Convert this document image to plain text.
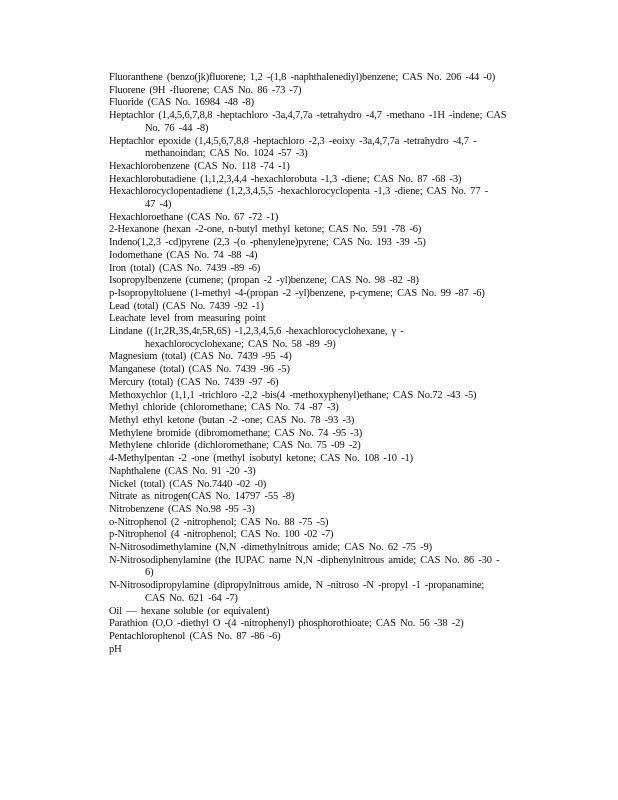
Fluoranthene (benzo(jk)fluorene; 1,2 -(1,8 -naphthalenediyl)benzene; CAS No. 206 -44 -0)

Fluorene (9H -fluorene; CAS No. 86 -73 -7)

Fluoride (CAS No. 16984 -48 -8)

Heptachlor (1,4,5,6,7,8,8 -heptachloro -3a,4,7,7a -tetrahydro -4,7 -methano -1H -indene; CAS
No. 76 -44 -8)

Heptachlor epoxide (1,4,5,6,7,8,8 -heptachloro -2,3 -eoixy -3a,4,7,7a -tetrahydro -4,7 -
methanoindan; CAS No. 1024 -57 -3)

Hexachlorobenzene (CAS No. 118 -74 -1)

Hexachlorobutadiene (1,1,2,3,4,4 -hexachlorobuta -1,3 -diene; CAS No. 87 -68 -3)

Hexachlorocyclopentadiene (1,2,3,4,5,5 -hexachlorocyclopenta -1,3 -diene; CAS No. 77 -
47 -4)

Hexachloroethane (CAS No. 67 -72 -1)

2-Hexanone (hexan -2-one, n-butyl methyl ketone; CAS No. 591 -78 -6)

Indeno(1,2,3 -cd)pyrene (2,3 -(o -phenylene)pyrene; CAS No. 193 -39 -5)

Iodomethane (CAS No. 74 -88 -4)

Iron (total) (CAS No. 7439 -89 -6)

Isopropylbenzene (cumene; (propan -2 -yl)benzene; CAS No. 98 -82 -8)

p-Isopropyltoluene (1-methyl -4-(propan -2 -yl)benzene, p-cymene; CAS No. 99 -87 -6)

Lead (total) (CAS No. 7439 -92 -1)

Leachate level from measuring point

Lindane ((1r,2R,3S,4r,5R,6S) -1,2,3,4,5,6 -hexachlorocyclohexane, γ -
hexachlorocyclohexane; CAS No. 58 -89 -9)

Magnesium (total) (CAS No. 7439 -95 -4)

Manganese (total) (CAS No. 7439 -96 -5)

Mercury (total) (CAS No. 7439 -97 -6)

Methoxychlor (1,1,1 -trichloro -2,2 -bis(4 -methoxyphenyl)ethane; CAS No.72 -43 -5)

Methyl chloride (chloromethane; CAS No. 74 -87 -3)

Methyl ethyl ketone (butan -2 -one; CAS No. 78 -93 -3)

Methylene bromide (dibromomethane; CAS No. 74 -95 -3)

Methylene chloride (dichloromethane; CAS No. 75 -09 -2)

4-Methylpentan -2 -one (methyl isobutyl ketone; CAS No. 108 -10 -1)

Naphthalene (CAS No. 91 -20 -3)

Nickel (total) (CAS No.7440 -02 -0)

Nitrate as nitrogen(CAS No. 14797 -55 -8)

Nitrobenzene (CAS No.98 -95 -3)

o-Nitrophenol (2 -nitrophenol; CAS No. 88 -75 -5)

p-Nitrophenol (4 -nitrophenol; CAS No. 100 -02 -7)

N-Nitrosodimethylamine (N,N -dimethylnitrous amide; CAS No. 62 -75 -9)

N-Nitrosodiphenylamine (the IUPAC name N,N -diphenylnitrous amide; CAS No. 86 -30 -
6)

N-Nitrosodipropylamine (dipropylnitrous amide, N -nitroso -N -propyl -1 -propanamine;
CAS No. 621 -64 -7)

Oil — hexane soluble (or equivalent)

Parathion (O,O -diethyl O -(4 -nitrophenyl) phosphorothioate; CAS No. 56 -38 -2)

Pentachlorophenol (CAS No. 87 -86 -6)

pH
